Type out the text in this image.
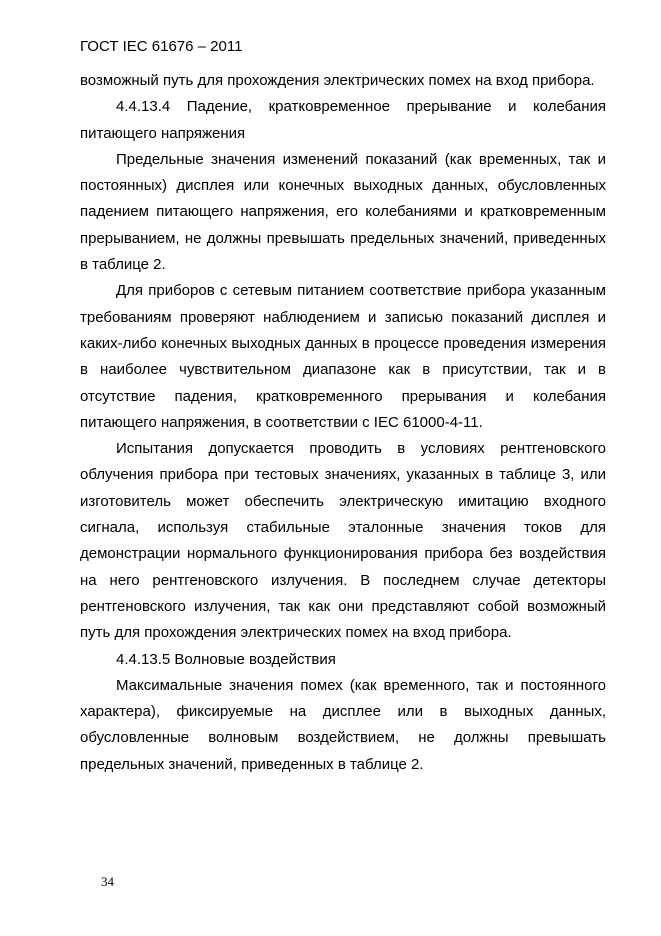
ГОСТ IEC 61676 – 2011

возможный путь для прохождения электрических помех на вход прибора.

4.4.13.4 Падение, кратковременное прерывание и колебания питающего напряжения

Предельные значения изменений показаний (как временных, так и постоянных) дисплея или конечных выходных данных, обусловленных падением питающего напряжения, его колебаниями и кратковременным прерыванием, не должны превышать предельных значений, приведенных в таблице 2.

Для приборов с сетевым питанием соответствие прибора указанным требованиям проверяют наблюдением и записью показаний дисплея и каких-либо конечных выходных данных в процессе проведения измерения в наиболее чувствительном диапазоне как в присутствии, так и в отсутствие падения, кратковременного прерывания и колебания питающего напряжения, в соответствии с IEC 61000-4-11.

Испытания допускается проводить в условиях рентгеновского облучения прибора при тестовых значениях, указанных в таблице 3, или изготовитель может обеспечить электрическую имитацию входного сигнала, используя стабильные эталонные значения токов для демонстрации нормального функционирования прибора без воздействия на него рентгеновского излучения. В последнем случае детекторы рентгеновского излучения, так как они представляют собой возможный путь для прохождения электрических помех на вход прибора.

4.4.13.5 Волновые воздействия

Максимальные значения помех (как временного, так и постоянного характера), фиксируемые на дисплее или в выходных данных, обусловленные волновым воздействием, не должны превышать предельных значений, приведенных в таблице 2.

34
